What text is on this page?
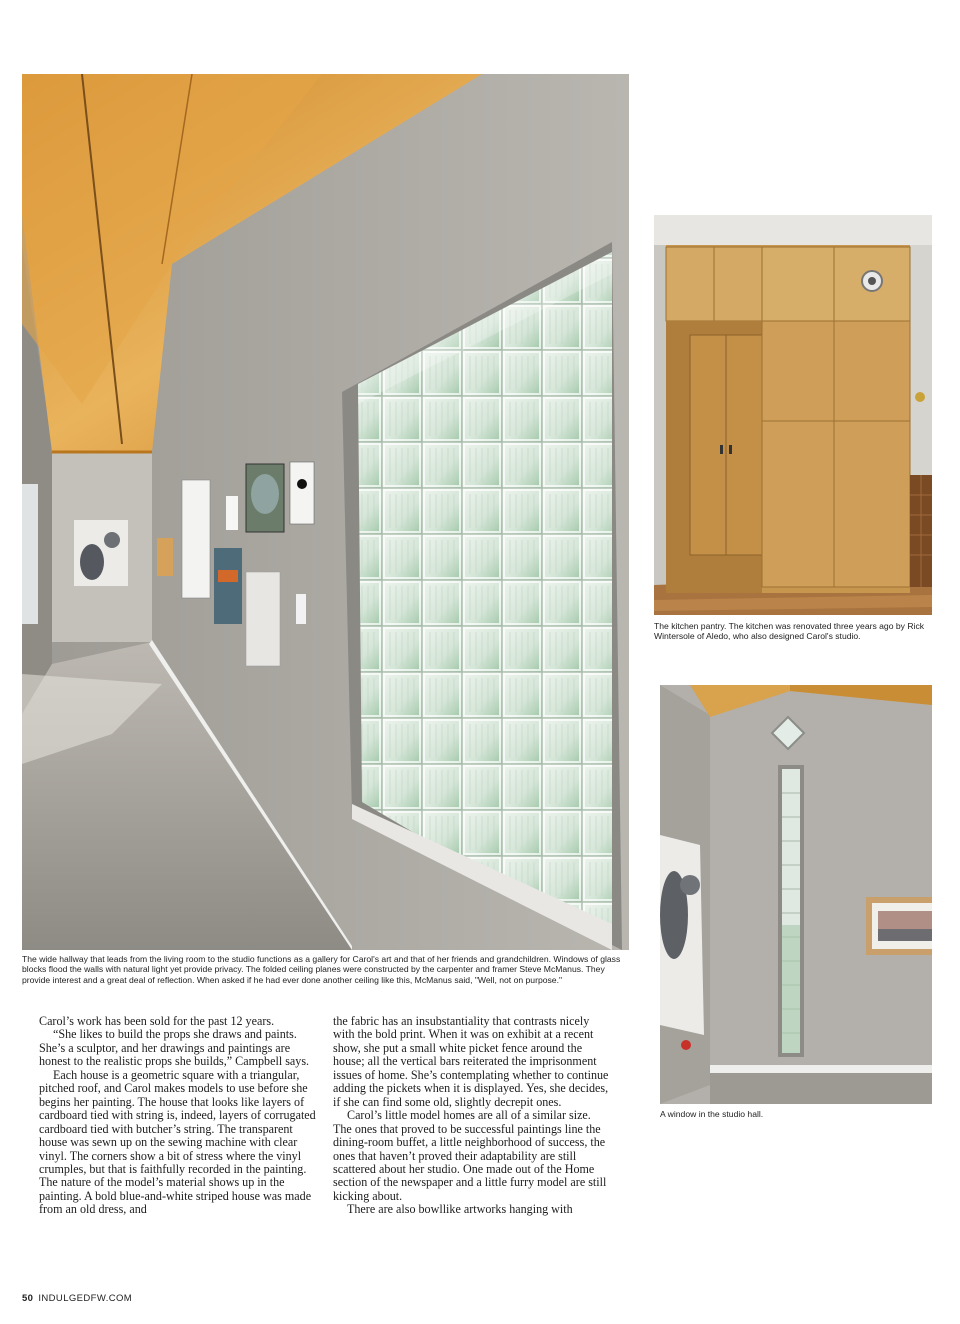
The wide hallway that leads from the living room to the studio functions as a gallery for Carol's art and that of her friends and grandchildren. Windows of glass blocks flood the walls with natural light yet provide privacy. The folded ceiling planes were constructed by the carpenter and framer Steve McManus. They provide interest and a great deal of reflection. When asked if he had ever done another ceiling like this, McManus said, "Well, not on purpose."

The kitchen pantry. The kitchen was renovated three years ago by Rick Wintersole of Aledo, who also designed Carol's studio.

A window in the studio hall.

Carol’s work has been sold for the past 12 years.

“She likes to build the props she draws and paints. She’s a sculptor, and her drawings and paintings are honest to the realistic props she builds,” Campbell says.

Each house is a geometric square with a triangular, pitched roof, and Carol makes models to use before she begins her painting. The house that looks like layers of cardboard tied with string is, indeed, layers of corrugated cardboard tied with butcher’s string. The transparent house was sewn up on the sewing machine with clear vinyl. The corners show a bit of stress where the vinyl crumples, but that is faithfully recorded in the painting. The nature of the model’s material shows up in the painting. A bold blue-and-white striped house was made from an old dress, and

the fabric has an insubstantiality that contrasts nicely with the bold print. When it was on exhibit at a recent show, she put a small white picket fence around the house; all the vertical bars reiterated the imprisonment issues of home. She’s contemplating whether to continue adding the pickets when it is displayed. Yes, she decides, if she can find some old, slightly decrepit ones.

Carol’s little model homes are all of a similar size. The ones that proved to be successful paintings line the dining-room buffet, a little neighborhood of success, the ones that haven’t proved their adaptability are still scattered about her studio. One made out of the Home section of the newspaper and a little furry model are still kicking about.

There are also bowllike artworks hanging with

50 INDULGEDFW.COM
